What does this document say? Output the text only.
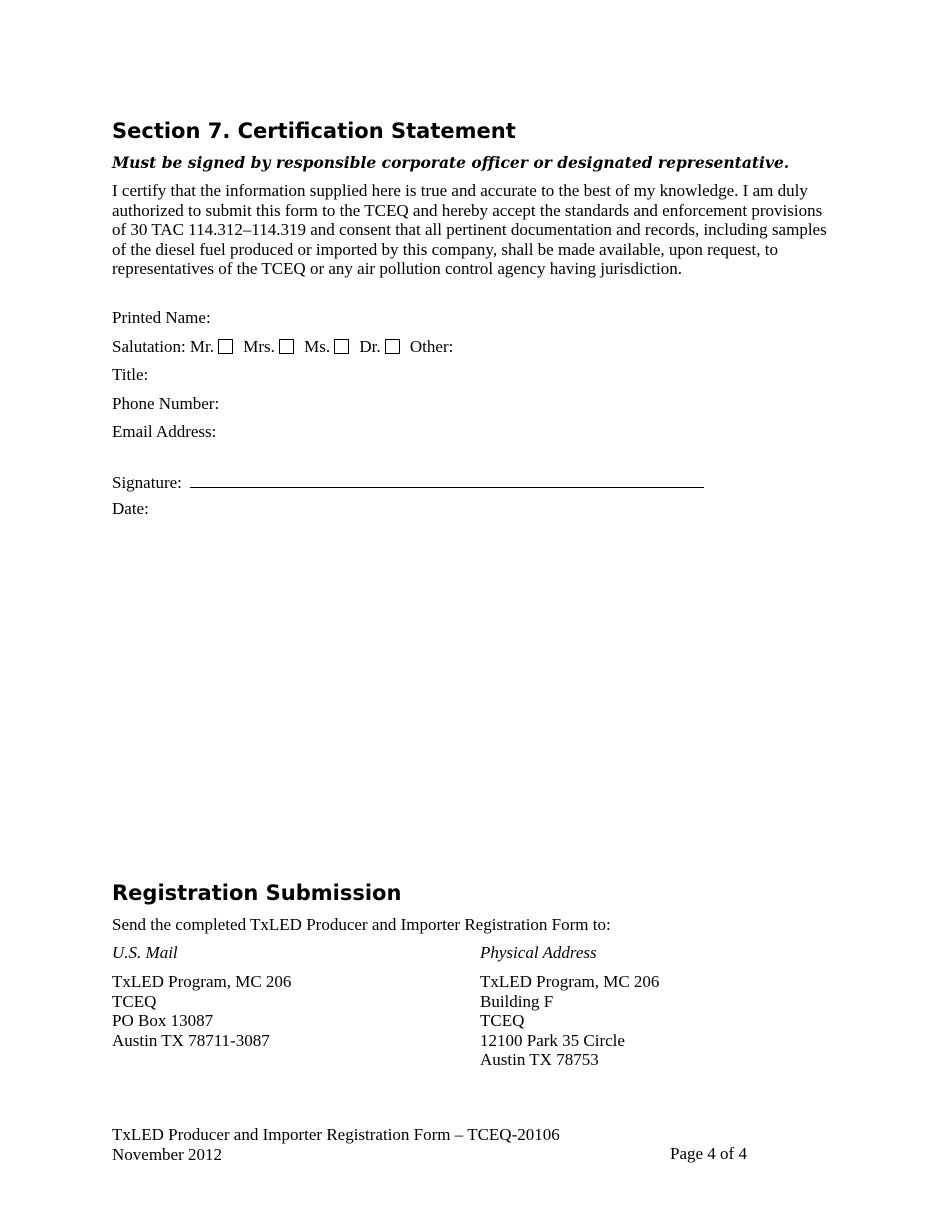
Section 7. Certification Statement
Must be signed by responsible corporate officer or designated representative.
I certify that the information supplied here is true and accurate to the best of my knowledge. I am duly authorized to submit this form to the TCEQ and hereby accept the standards and enforcement provisions of 30 TAC 114.312–114.319 and consent that all pertinent documentation and records, including samples of the diesel fuel produced or imported by this company, shall be made available, upon request, to representatives of the TCEQ or any air pollution control agency having jurisdiction.
Printed Name:
Salutation: Mr. Mrs. Ms. Dr. Other:
Title:
Phone Number:
Email Address:
Signature:
Date:
Registration Submission
Send the completed TxLED Producer and Importer Registration Form to:
U.S. Mail
TxLED Program, MC 206
TCEQ
PO Box 13087
Austin TX 78711-3087
Physical Address
TxLED Program, MC 206
Building F
TCEQ
12100 Park 35 Circle
Austin TX 78753
TxLED Producer and Importer Registration Form – TCEQ-20106
November 2012	Page 4 of 4
